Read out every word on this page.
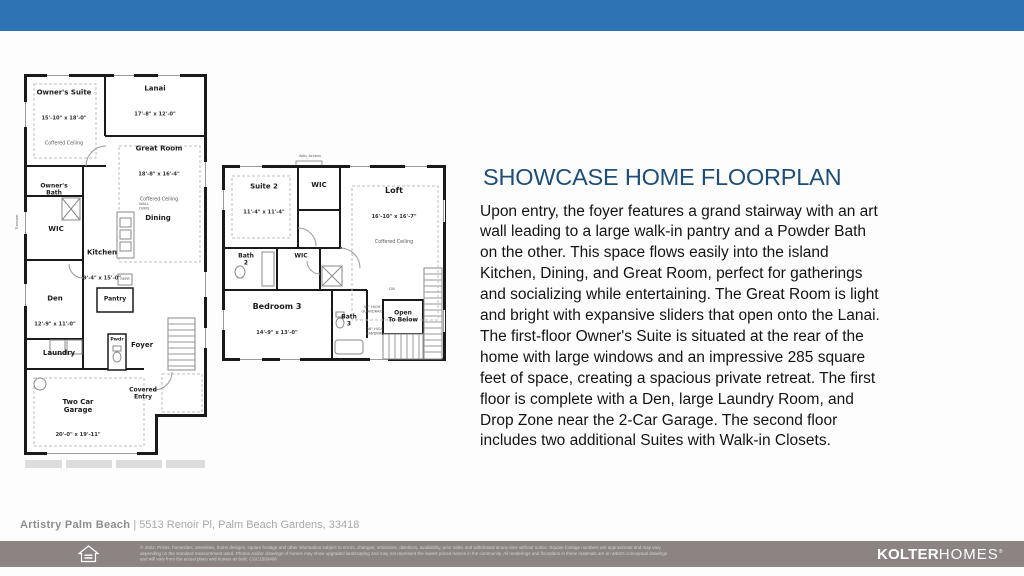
Owner's Suite

15'-10" x 18'-0"

Coffered Ceiling

Lanai

17'-8" x 12'-0"

Owner's
Bath

Great Room

18'-8" x 16'-4"

Coffered Ceiling

Dining

WIC

Kitchen

9'-4" x 15'-0"

Pantry

Den

12'-9" x 11'-0"

Laundry

Pwdr

Foyer

Covered
Entry

Two Car
Garage

20'-0" x 19'-11"

Transom
REFR
WALL
OVEN

Suite 2

11'-4" x 11'-4"

WIC

Loft

16'-10" x 16'-7"

Coffered Ceiling

Bath
2

WIC

Bedroom 3

14'-9" x 13'-0"

Bath
3

Open
To Below

Attic Access
DN
42" HIGH
GUARDRAIL
36" HIGH
HANDRAIL
SHOWCASE HOME FLOORPLAN

Upon entry, the foyer features a grand stairway with an art wall leading to a large walk-in pantry and a Powder Bath on the other. This space flows easily into the island Kitchen, Dining, and Great Room, perfect for gatherings and socializing while entertaining. The Great Room is light and bright with expansive sliders that open onto the Lanai. The first-floor Owner's Suite is situated at the rear of the home with large windows and an impressive 285 square feet of space, creating a spacious private retreat. The first floor is complete with a Den, large Laundry Room, and Drop Zone near the 2-Car Garage. The second floor includes two additional Suites with Walk-in Closets.

Artistry Palm Beach | 5513 Renoir Pl, Palm Beach Gardens, 33418
© 2022. Prices, homesites, amenities, home designs, square footage and other information subject to errors, changes, omissions, deletions, availability, prior sales and withdrawal at any time without notice. Square footage numbers are approximate and may vary
depending on the standard measurement used. Photos and/or drawings of homes may show upgraded landscaping and may not represent the lowest priced homes in the community. All renderings and floorplans in these materials are an artist's conceptual drawings
and will vary from the actual plans and homes as built. CGC1509406	KOLTERHOMES®
